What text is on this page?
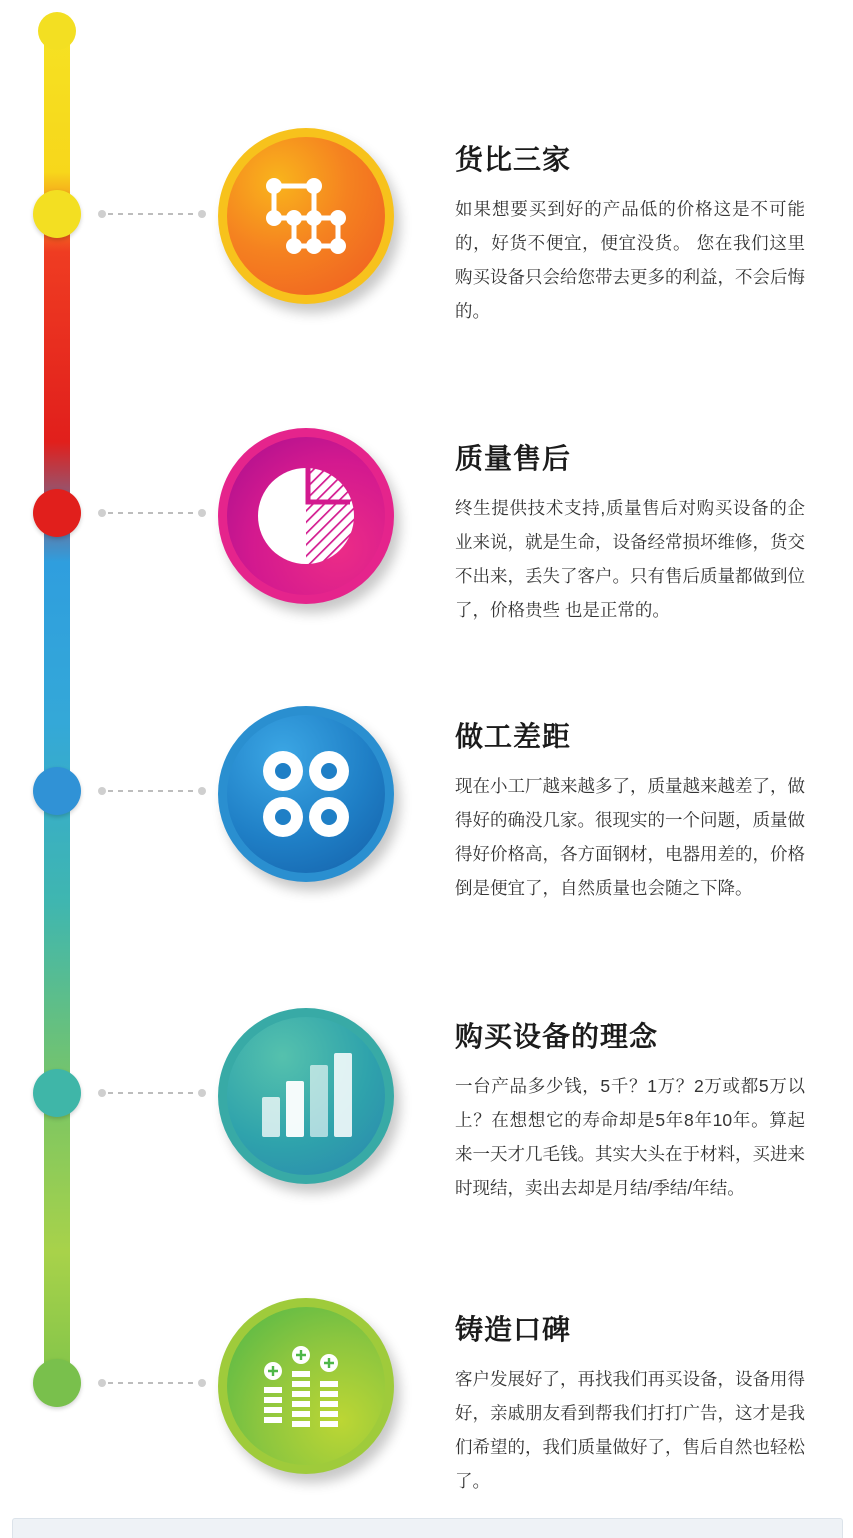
货比三家

如果想要买到好的产品低的价格这是不可能的，好货不便宜，便宜没货。 您在我们这里购买设备只会给您带去更多的利益，不会后悔的。

质量售后

终生提供技术支持,质量售后对购买设备的企业来说，就是生命，设备经常损坏维修，货交不出来，丢失了客户。只有售后质量都做到位了，价格贵些 也是正常的。

做工差距

现在小工厂越来越多了，质量越来越差了，做得好的确没几家。很现实的一个问题，质量做得好价格高，各方面钢材，电器用差的，价格倒是便宜了，自然质量也会随之下降。

购买设备的理念

一台产品多少钱，5千？1万？2万或都5万以上？在想想它的寿命却是5年8年10年。算起来一天才几毛钱。其实大头在于材料，买进来时现结，卖出去却是月结/季结/年结。

铸造口碑

客户发展好了，再找我们再买设备，设备用得好，亲戚朋友看到帮我们打打广告，这才是我们希望的，我们质量做好了，售后自然也轻松了。
